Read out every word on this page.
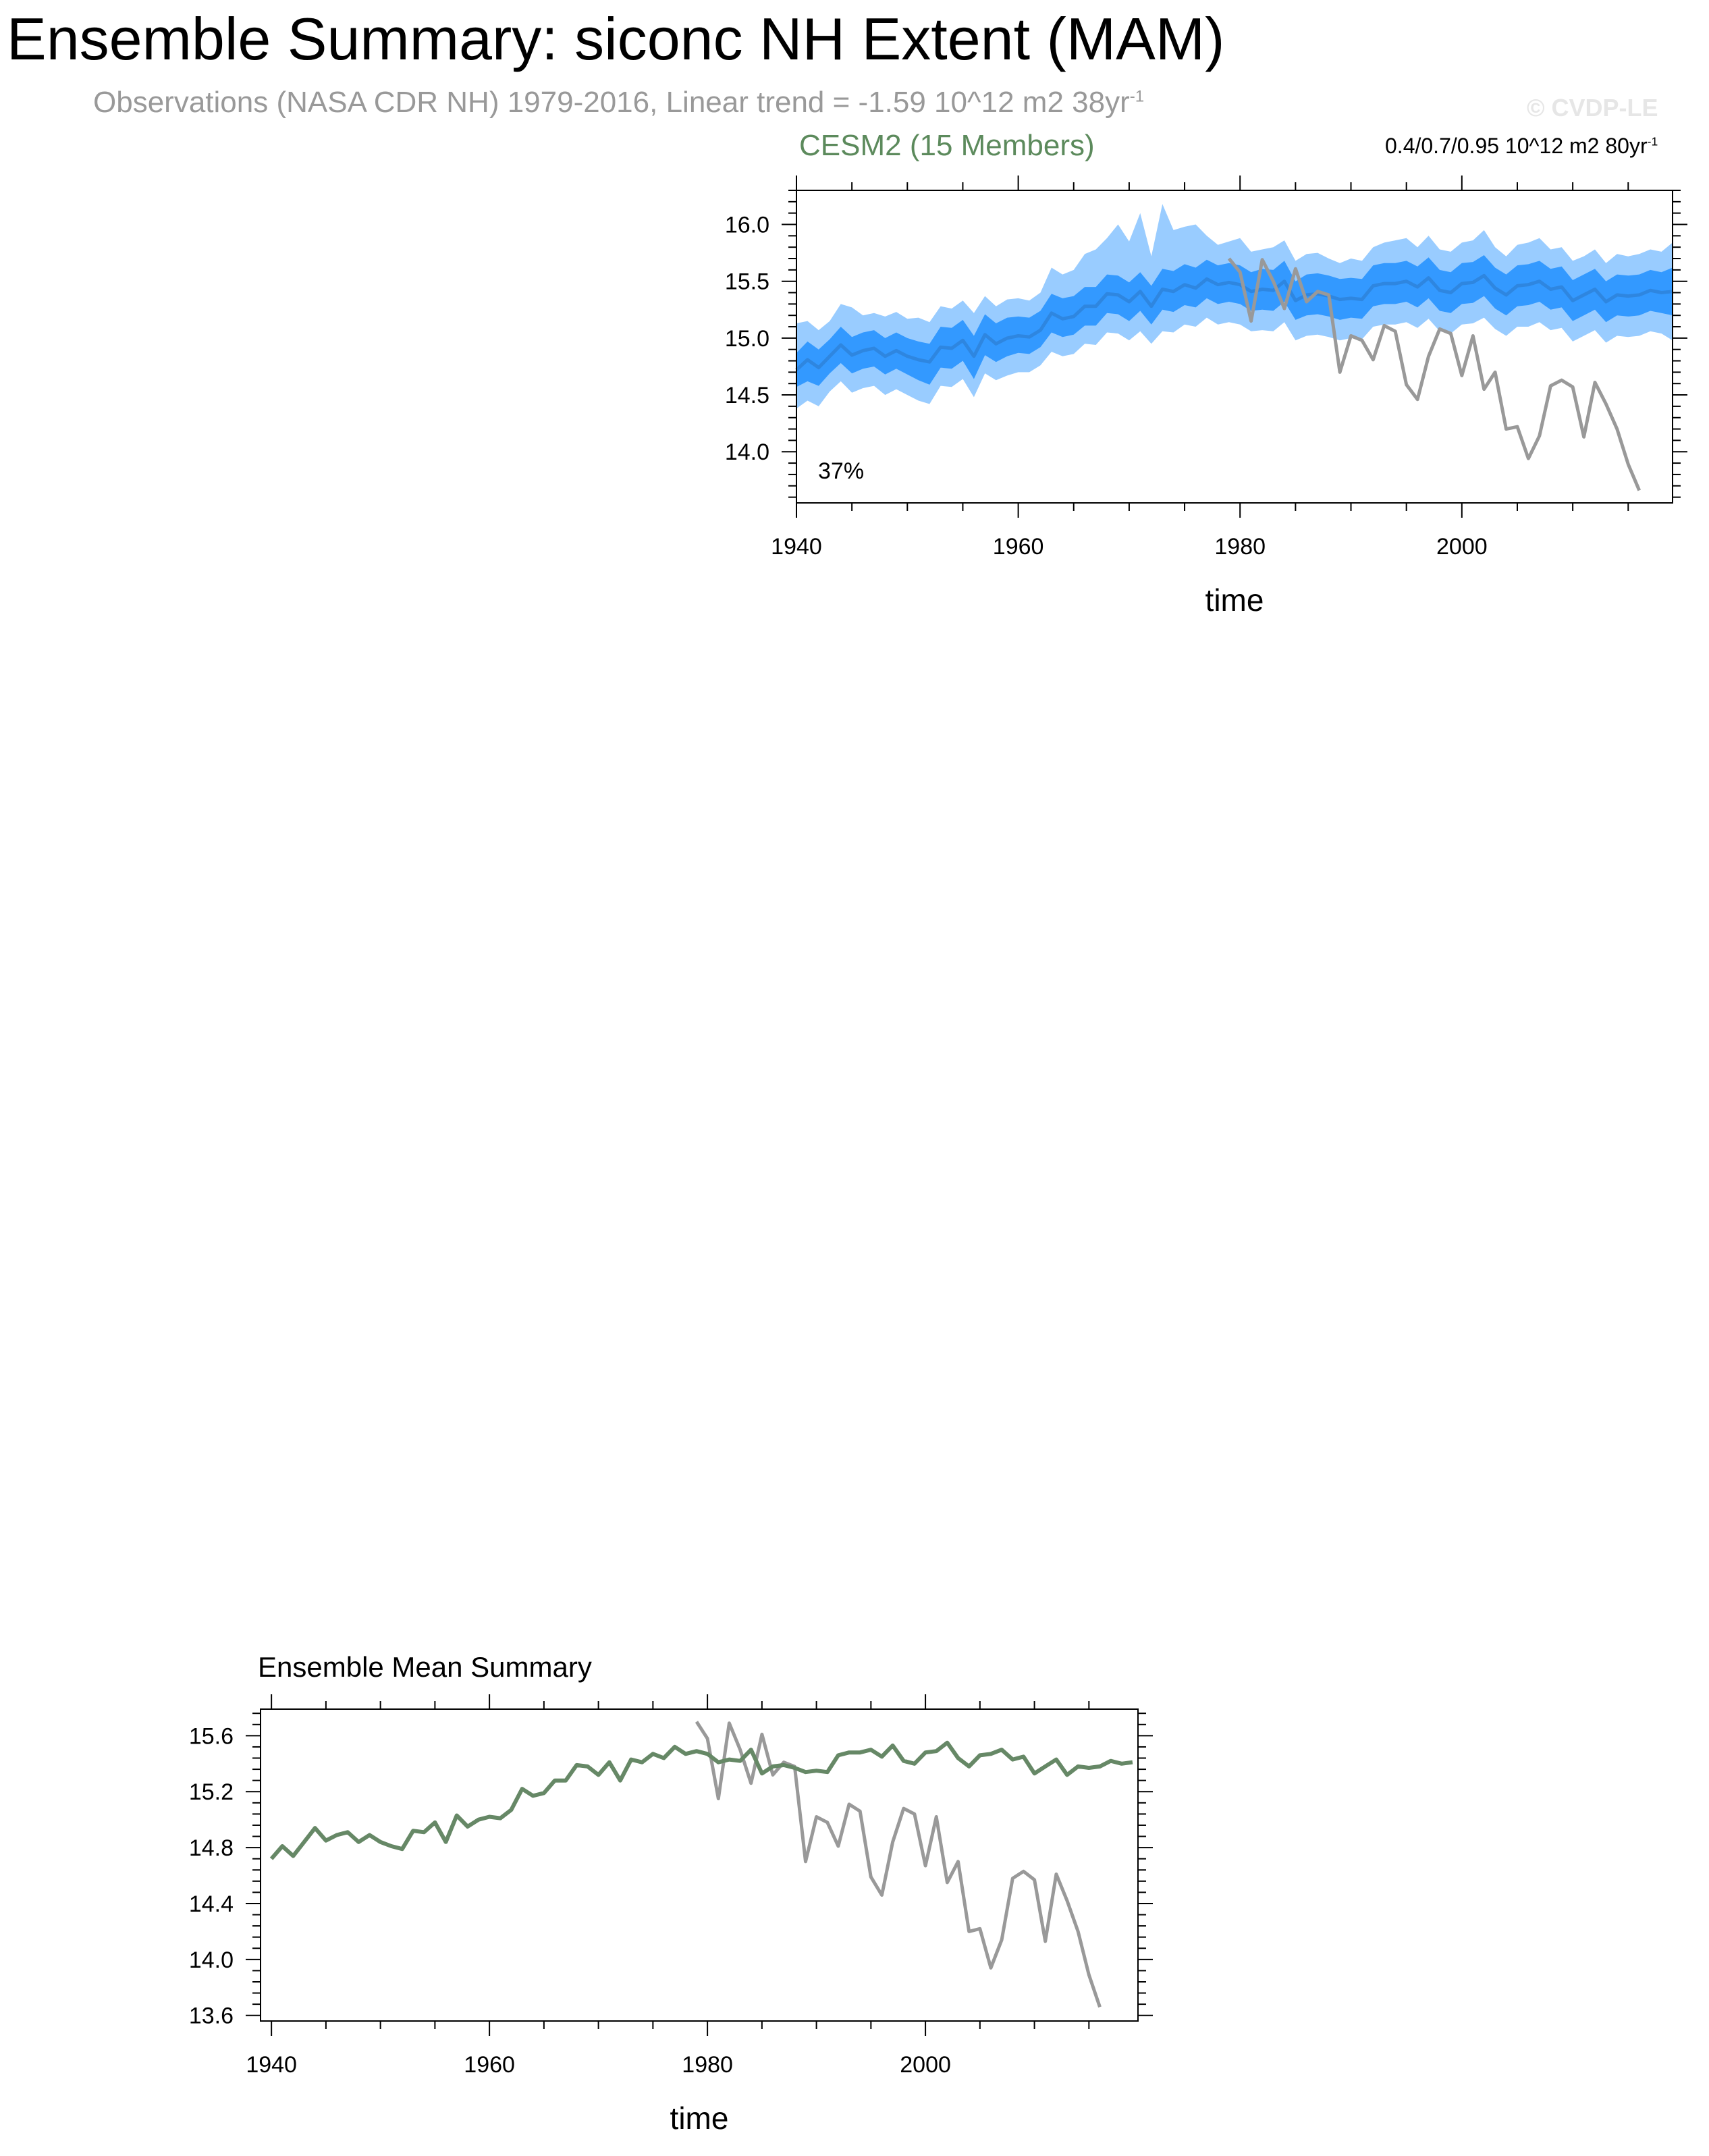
Ensemble Summary: siconc NH Extent (MAM)
Observations (NASA CDR NH) 1979-2016, Linear trend = -1.59 10^12 m2 $38yr^{-1}$	© CVDP-LE
CESM2 (15 Members)	0.4/0.7/0.95 10^12 m2 $80yr^{-1}$
1940	1960	1980	2000
14.0
14.5
15.0
15.5
16.0
time
37%
1940	1960	1980	2000
13.6
14.0
14.4
14.8
15.2
15.6
time
Ensemble Mean Summary
